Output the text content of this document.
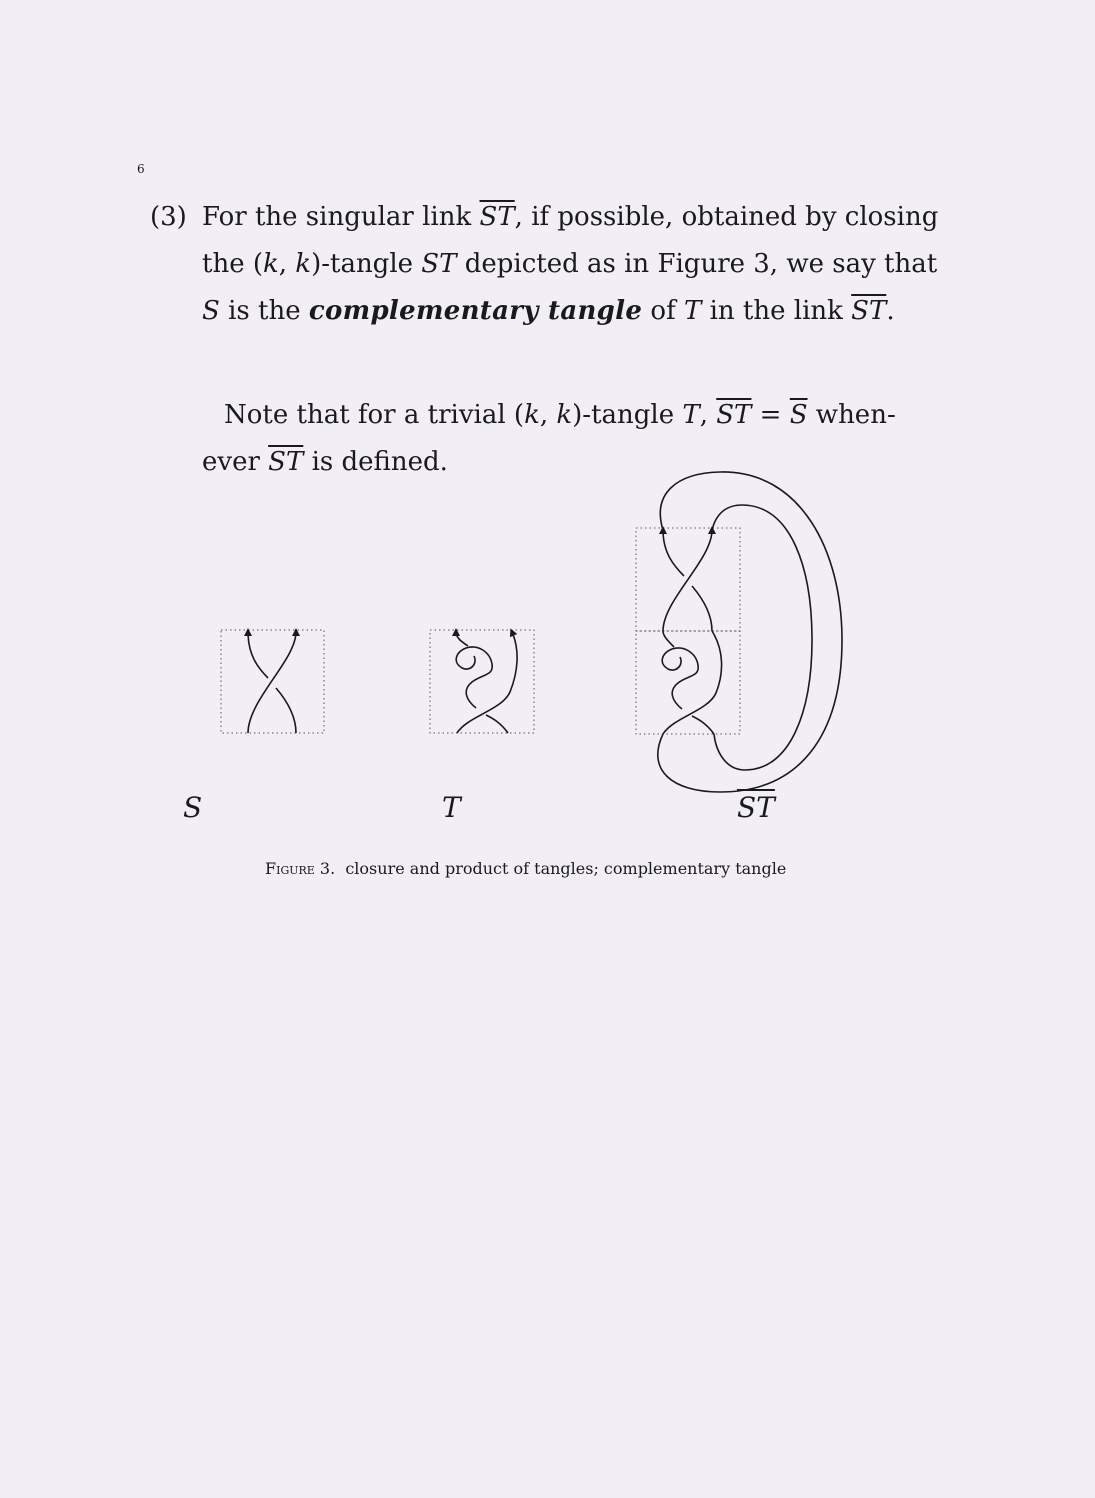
6
(3) For the singular link $\overline{ST}$, if possible, obtained by closing
the (k, k)-tangle ST depicted as in Figure 3, we say that
S is the complementary tangle of T in the link $\overline{ST}$.
Note that for a trivial (k, k)-tangle T, $\overline{ST} = \overline{S}$ when-
ever $\overline{ST}$ is defined.
S	T	$\overline{ST}$
Figure 3. closure and product of tangles; complementary tangle
